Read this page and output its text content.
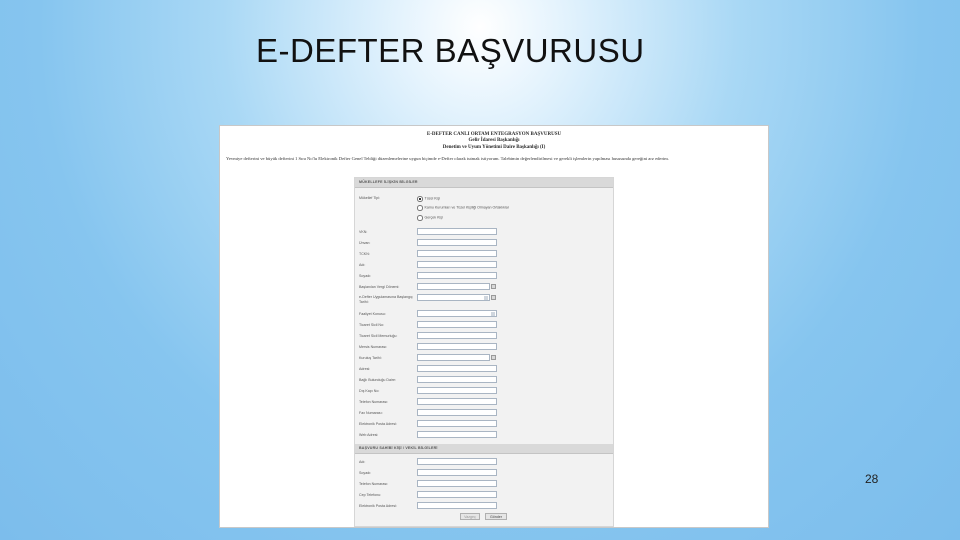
E-DEFTER BAŞVURUSU
E-DEFTER CANLI ORTAM ENTEGRASYON BAŞVURUSU
Gelir İdaresi Başkanlığı
Denetim ve Uyum Yönetimi Daire Başkanlığı (I)
Yevmiye defterini ve büyük defterini 1 Sıra No'lu Elektronik Defter Genel Tebliği düzenlemelerine uygun biçimde e-Defter olarak tutmak istiyorum. Talebimin değerlendirilmesi ve gerekli işlemlerin yapılması hususunda gereğini arz ederim.
MÜKELLEFE İLİŞKİN BİLGİLER
Mükellef Tipi:	Tüzel Kişi
Kamu Kurumları ve Tüzel Kişiliği Olmayan Ortaklıklar
Gerçek Kişi
VKN:
Ünvan:
TCKN:
Adı:
Soyadı:
Başlanılan Vergi Dönemi:
e-Defter Uygulamasına Başlangıç Tarihi:
Faaliyet Konusu:
Ticaret Sicil No:
Ticaret Sicil Memurluğu:
Mersis Numarası:
Kuruluş Tarihi:
Adresi:
Bağlı Bulunduğu Daire:
Dış Kapı No:
Telefon Numarası:
Fax Numarası:
Elektronik Posta Adresi:
Web Adresi:
BAŞVURU SAHİBİ KİŞİ / VEKİL BİLGİLERİ
Adı:
Soyadı:
Telefon Numarası:
Cep Telefonu:
Elektronik Posta Adresi:
Vazgeç	Gönder
28
